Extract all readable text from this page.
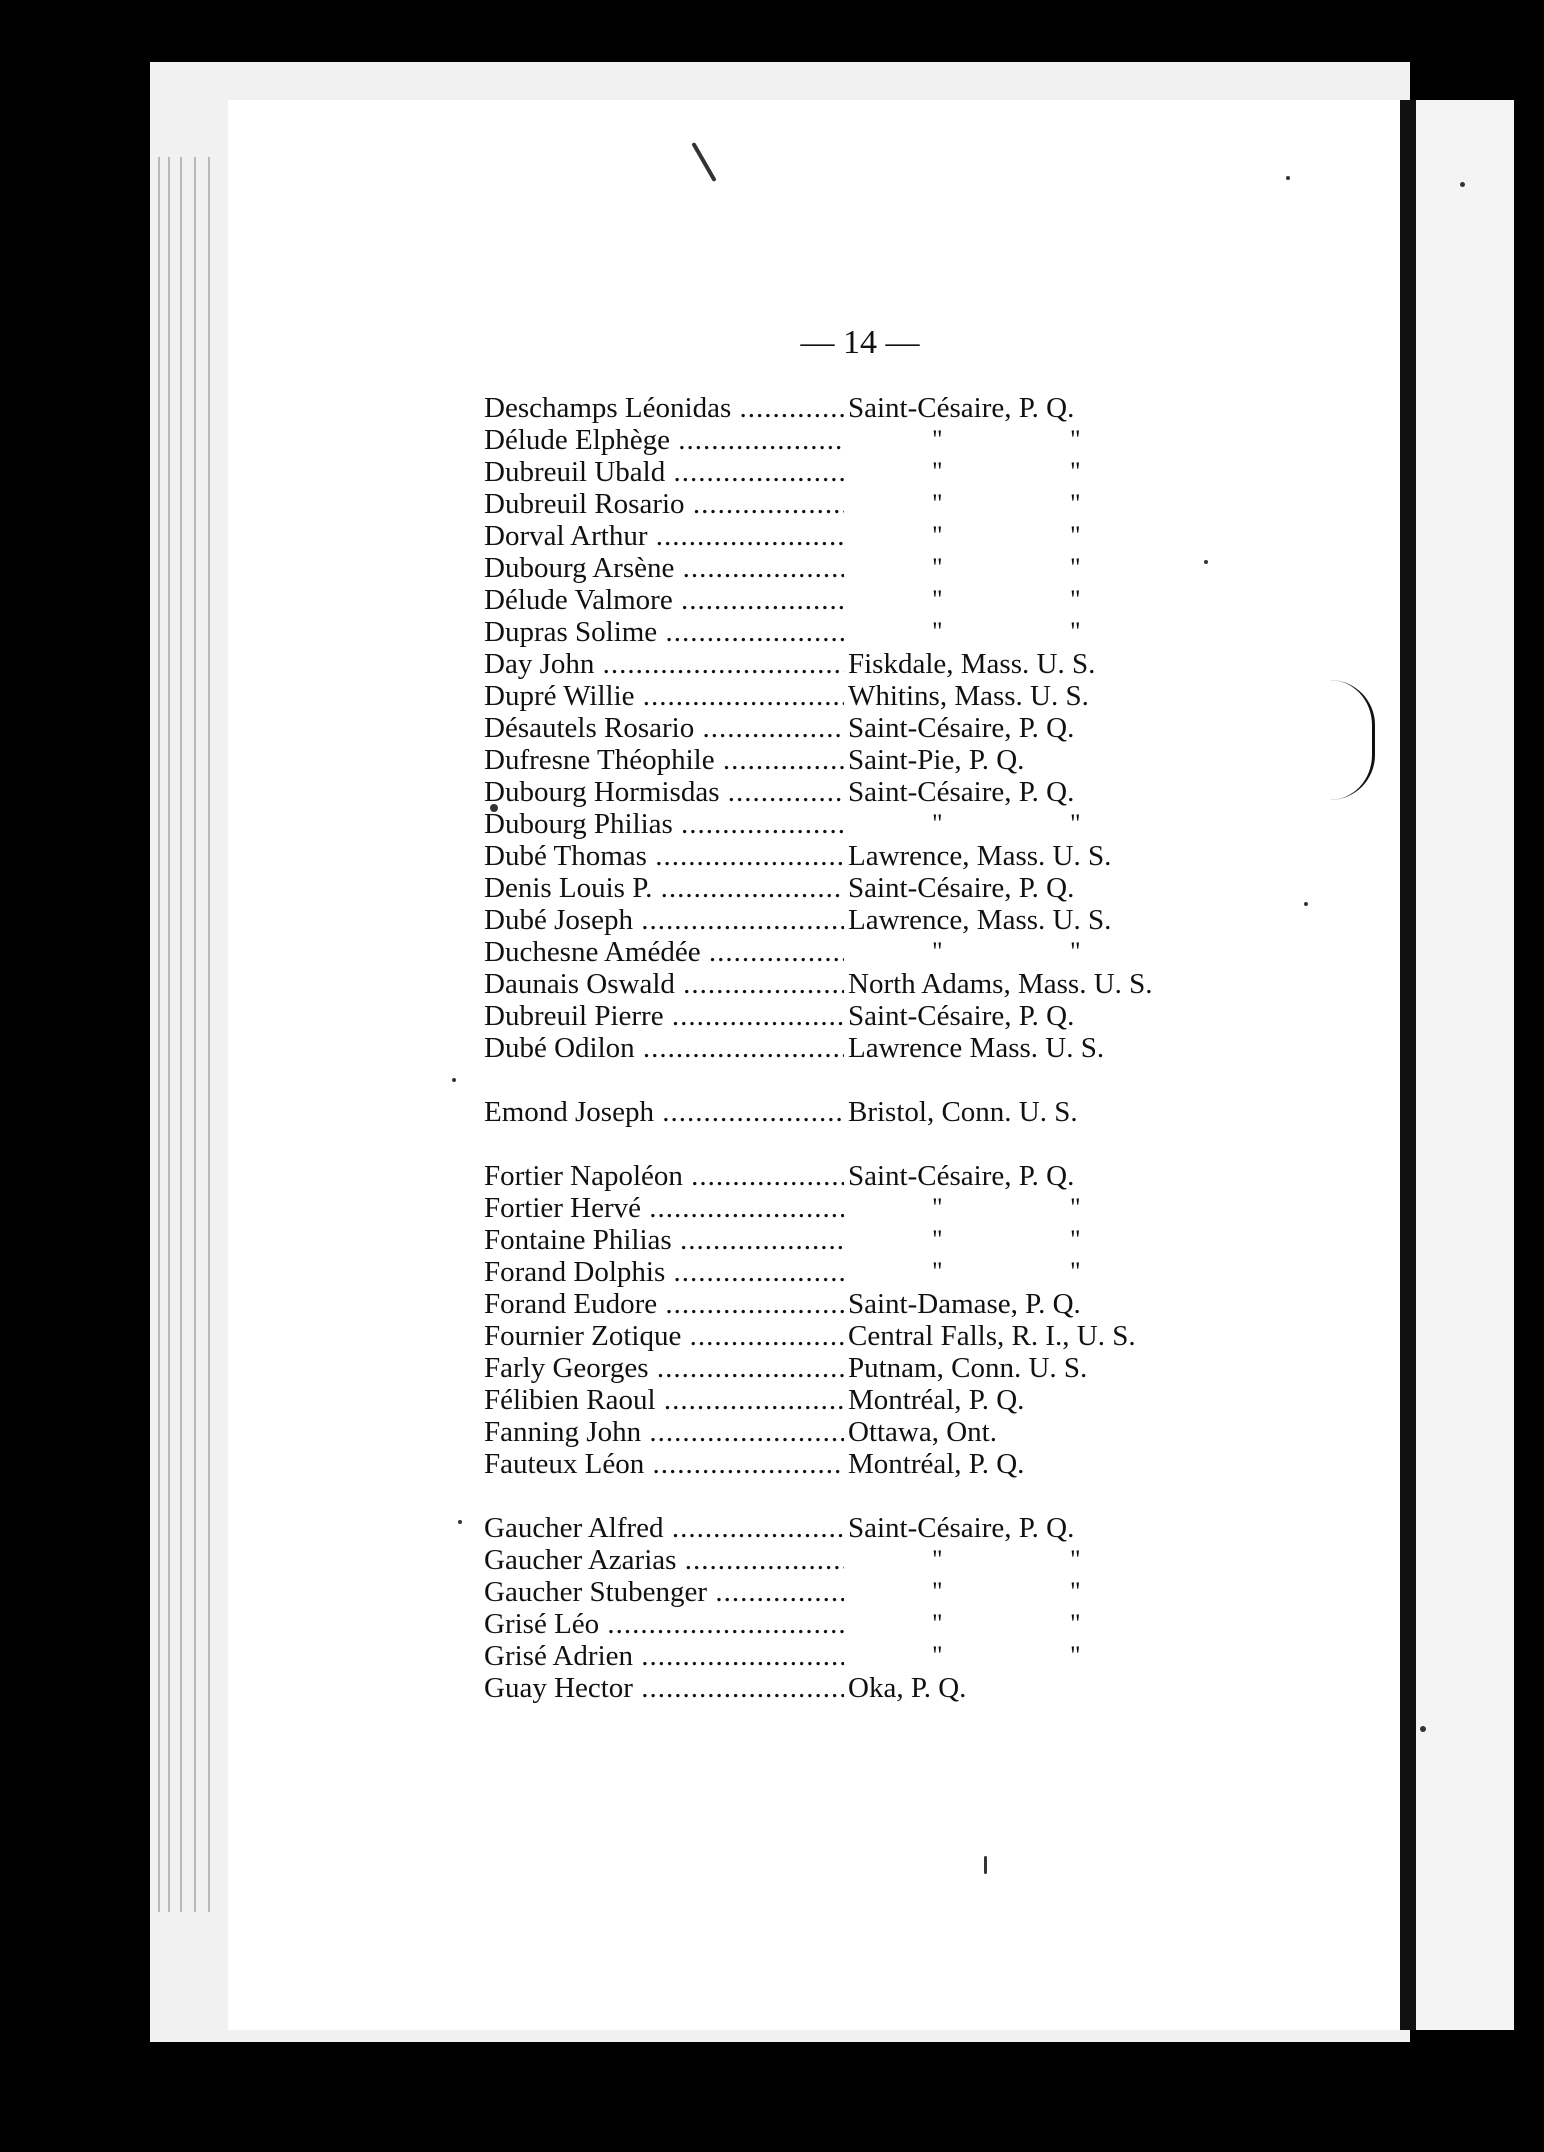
— 14 —
Deschamps Léonidas .....	Saint-Césaire, P. Q.
Délude Elphège .....	"	"
Dubreuil Ubald .....	"	"
Dubreuil Rosario .....	"	"
Dorval Arthur .....	"	"
Dubourg Arsène .....	"	"
Délude Valmore .....	"	"
Dupras Solime .....	"	"
Day John .....	Fiskdale, Mass. U. S.
Dupré Willie .....	Whitins, Mass. U. S.
Désautels Rosario .....	Saint-Césaire, P. Q.
Dufresne Théophile .....	Saint-Pie, P. Q.
Dubourg Hormisdas .....	Saint-Césaire, P. Q.
Dubourg Philias .....	"	"
Dubé Thomas .....	Lawrence, Mass. U. S.
Denis Louis P. .....	Saint-Césaire, P. Q.
Dubé Joseph .....	Lawrence, Mass. U. S.
Duchesne Amédée .....	"	"
Daunais Oswald .....	North Adams, Mass. U. S.
Dubreuil Pierre .....	Saint-Césaire, P. Q.
Dubé Odilon .....	Lawrence Mass. U. S.
Emond Joseph .....	Bristol, Conn. U. S.
Fortier Napoléon .....	Saint-Césaire, P. Q.
Fortier Hervé .....	"	"
Fontaine Philias .....	"	"
Forand Dolphis .....	"	"
Forand Eudore .....	Saint-Damase, P. Q.
Fournier Zotique .....	Central Falls, R. I., U. S.
Farly Georges .....	Putnam, Conn. U. S.
Félibien Raoul .....	Montréal, P. Q.
Fanning John .....	Ottawa, Ont.
Fauteux Léon .....	Montréal, P. Q.
Gaucher Alfred .....	Saint-Césaire, P. Q.
Gaucher Azarias .....	"	"
Gaucher Stubenger .....	"	"
Grisé Léo .....	"	"
Grisé Adrien .....	"	"
Guay Hector .....	Oka, P. Q.
